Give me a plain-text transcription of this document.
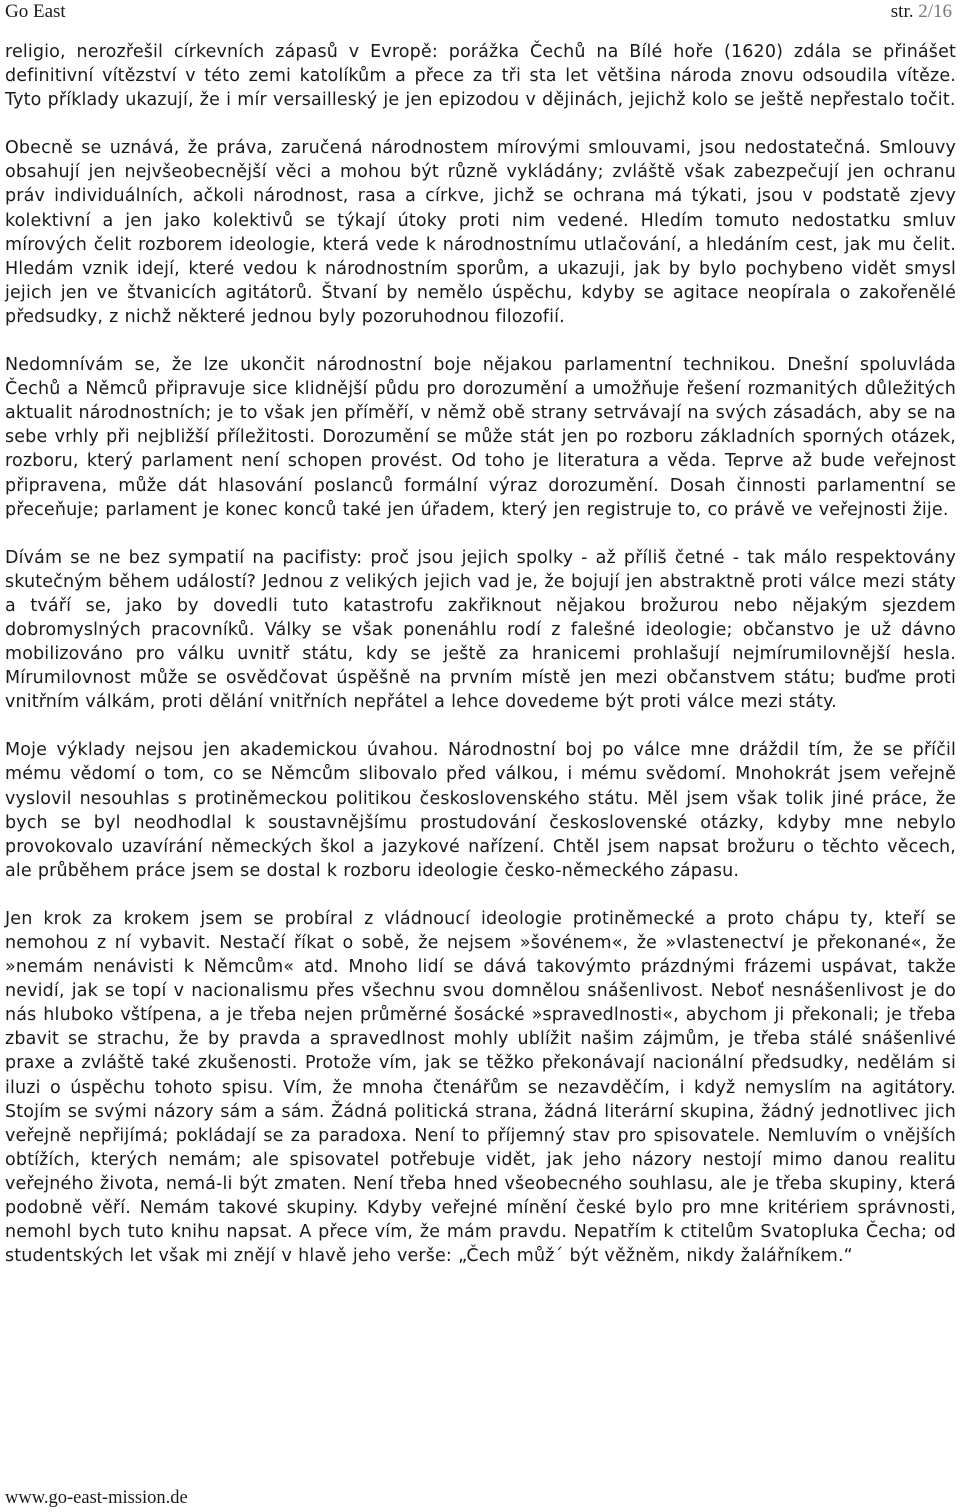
Go East	str. 2/16

religio, nerozřešil církevních zápasů v Evropě: porážka Čechů na Bílé hoře (1620) zdála se přinášet definitivní vítězství v této zemi katolíkům a přece za tři sta let většina národa znovu odsoudila vítěze. Tyto příklady ukazují, že i mír versailleský je jen epizodou v dějinách, jejichž kolo se ještě nepřestalo točit.

Obecně se uznává, že práva, zaručená národnostem mírovými smlouvami, jsou nedostatečná. Smlouvy obsahují jen nejvšeobecnější věci a mohou být různě vykládány; zvláště však zabezpečují jen ochranu práv individuálních, ačkoli národnost, rasa a církve, jichž se ochrana má týkati, jsou v podstatě zjevy kolektivní a jen jako kolektivů se týkají útoky proti nim vedené. Hledím tomuto nedostatku smluv mírových čelit rozborem ideologie, která vede k národnostnímu utlačování, a hledáním cest, jak mu čelit. Hledám vznik idejí, které vedou k národnostním sporům, a ukazuji, jak by bylo pochybeno vidět smysl jejich jen ve štvanicích agitátorů. Štvaní by nemělo úspěchu, kdyby se agitace neopírala o zakořenělé předsudky, z nichž některé jednou byly pozoruhodnou filozofií.

Nedomnívám se, že lze ukončit národnostní boje nějakou parlamentní technikou. Dnešní spoluvláda Čechů a Němců připravuje sice klidnější půdu pro dorozumění a umožňuje řešení rozmanitých důležitých aktualit národnostních; je to však jen příměří, v němž obě strany setrvávají na svých zásadách, aby se na sebe vrhly při nejbližší příležitosti. Dorozumění se může stát jen po rozboru základních sporných otázek, rozboru, který parlament není schopen provést. Od toho je literatura a věda. Teprve až bude veřejnost připravena, může dát hlasování poslanců formální výraz dorozumění. Dosah činnosti parlamentní se přeceňuje; parlament je konec konců také jen úřadem, který jen registruje to, co právě ve veřejnosti žije.

Dívám se ne bez sympatií na pacifisty: proč jsou jejich spolky - až příliš četné - tak málo respektovány skutečným během událostí? Jednou z velikých jejich vad je, že bojují jen abstraktně proti válce mezi státy a tváří se, jako by dovedli tuto katastrofu zakřiknout nějakou brožurou nebo nějakým sjezdem dobromyslných pracovníků. Války se však ponenáhlu rodí z falešné ideologie; občanstvo je už dávno mobilizováno pro válku uvnitř státu, kdy se ještě za hranicemi prohlašují nejmírumilovnější hesla. Mírumilovnost může se osvědčovat úspěšně na prvním místě jen mezi občanstvem státu; buďme proti vnitřním válkám, proti dělání vnitřních nepřátel a lehce dovedeme být proti válce mezi státy.

Moje výklady nejsou jen akademickou úvahou. Národnostní boj po válce mne dráždil tím, že se příčil mému vědomí o tom, co se Němcům slibovalo před válkou, i mému svědomí. Mnohokrát jsem veřejně vyslovil nesouhlas s protiněmeckou politikou československého státu. Měl jsem však tolik jiné práce, že bych se byl neodhodlal k soustavnějšímu prostudování československé otázky, kdyby mne nebylo provokovalo uzavírání německých škol a jazykové nařízení. Chtěl jsem napsat brožuru o těchto věcech, ale průběhem práce jsem se dostal k rozboru ideologie česko-německého zápasu.

Jen krok za krokem jsem se probíral z vládnoucí ideologie protiněmecké a proto chápu ty, kteří se nemohou z ní vybavit. Nestačí říkat o sobě, že nejsem »šovénem«, že »vlastenectví je překonané«, že »nemám nenávisti k Němcům« atd. Mnoho lidí se dává takovýmto prázdnými frázemi uspávat, takže nevidí, jak se topí v nacionalismu přes všechnu svou domnělou snášenlivost. Neboť nesnášenlivost je do nás hluboko vštípena, a je třeba nejen průměrné šosácké »spravedlnosti«, abychom ji překonali; je třeba zbavit se strachu, že by pravda a spravedlnost mohly ublížit našim zájmům, je třeba stálé snášenlivé praxe a zvláště také zkušenosti. Protože vím, jak se těžko překonávají nacionální předsudky, nedělám si iluzi o úspěchu tohoto spisu. Vím, že mnoha čtenářům se nezavděčím, i když nemyslím na agitátory. Stojím se svými názory sám a sám. Žádná politická strana, žádná literární skupina, žádný jednotlivec jich veřejně nepřijímá; pokládají se za paradoxa. Není to příjemný stav pro spisovatele. Nemluvím o vnějších obtížích, kterých nemám; ale spisovatel potřebuje vidět, jak jeho názory nestojí mimo danou realitu veřejného života, nemá-li být zmaten. Není třeba hned všeobecného souhlasu, ale je třeba skupiny, která podobně věří. Nemám takové skupiny. Kdyby veřejné mínění české bylo pro mne kritériem správnosti, nemohl bych tuto knihu napsat. A přece vím, že mám pravdu. Nepatřím k ctitelům Svatopluka Čecha; od studentských let však mi znějí v hlavě jeho verše: „Čech můž´ být věžněm, nikdy žalářníkem.“

www.go-east-mission.de
